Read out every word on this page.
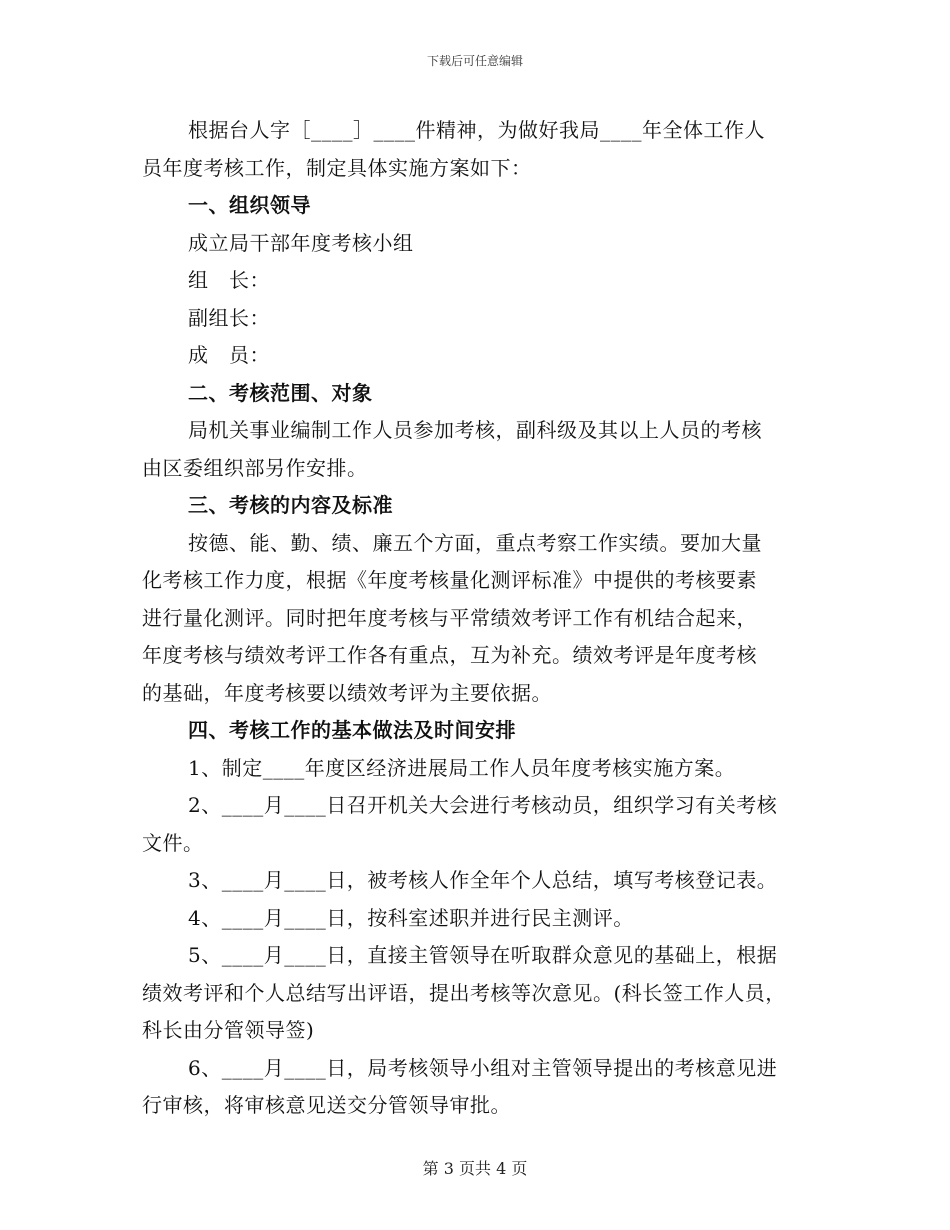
下载后可任意编辑
根据台人字［____］____件精神，为做好我局____年全体工作人
员年度考核工作，制定具体实施方案如下：
一、组织领导
成立局干部年度考核小组
组　长：
副组长：
成　员：
二、考核范围、对象
局机关事业编制工作人员参加考核，副科级及其以上人员的考核
由区委组织部另作安排。
三、考核的内容及标准
按德、能、勤、绩、廉五个方面，重点考察工作实绩。要加大量
化考核工作力度，根据《年度考核量化测评标准》中提供的考核要素
进行量化测评。同时把年度考核与平常绩效考评工作有机结合起来，
年度考核与绩效考评工作各有重点，互为补充。绩效考评是年度考核
的基础，年度考核要以绩效考评为主要依据。
四、考核工作的基本做法及时间安排
1、制定____年度区经济进展局工作人员年度考核实施方案。
2、____月____日召开机关大会进行考核动员，组织学习有关考核
文件。
3、____月____日，被考核人作全年个人总结，填写考核登记表。
4、____月____日，按科室述职并进行民主测评。
5、____月____日，直接主管领导在听取群众意见的基础上，根据
绩效考评和个人总结写出评语，提出考核等次意见。(科长签工作人员，
科长由分管领导签)
6、____月____日，局考核领导小组对主管领导提出的考核意见进
行审核，将审核意见送交分管领导审批。
第 3 页共 4 页
